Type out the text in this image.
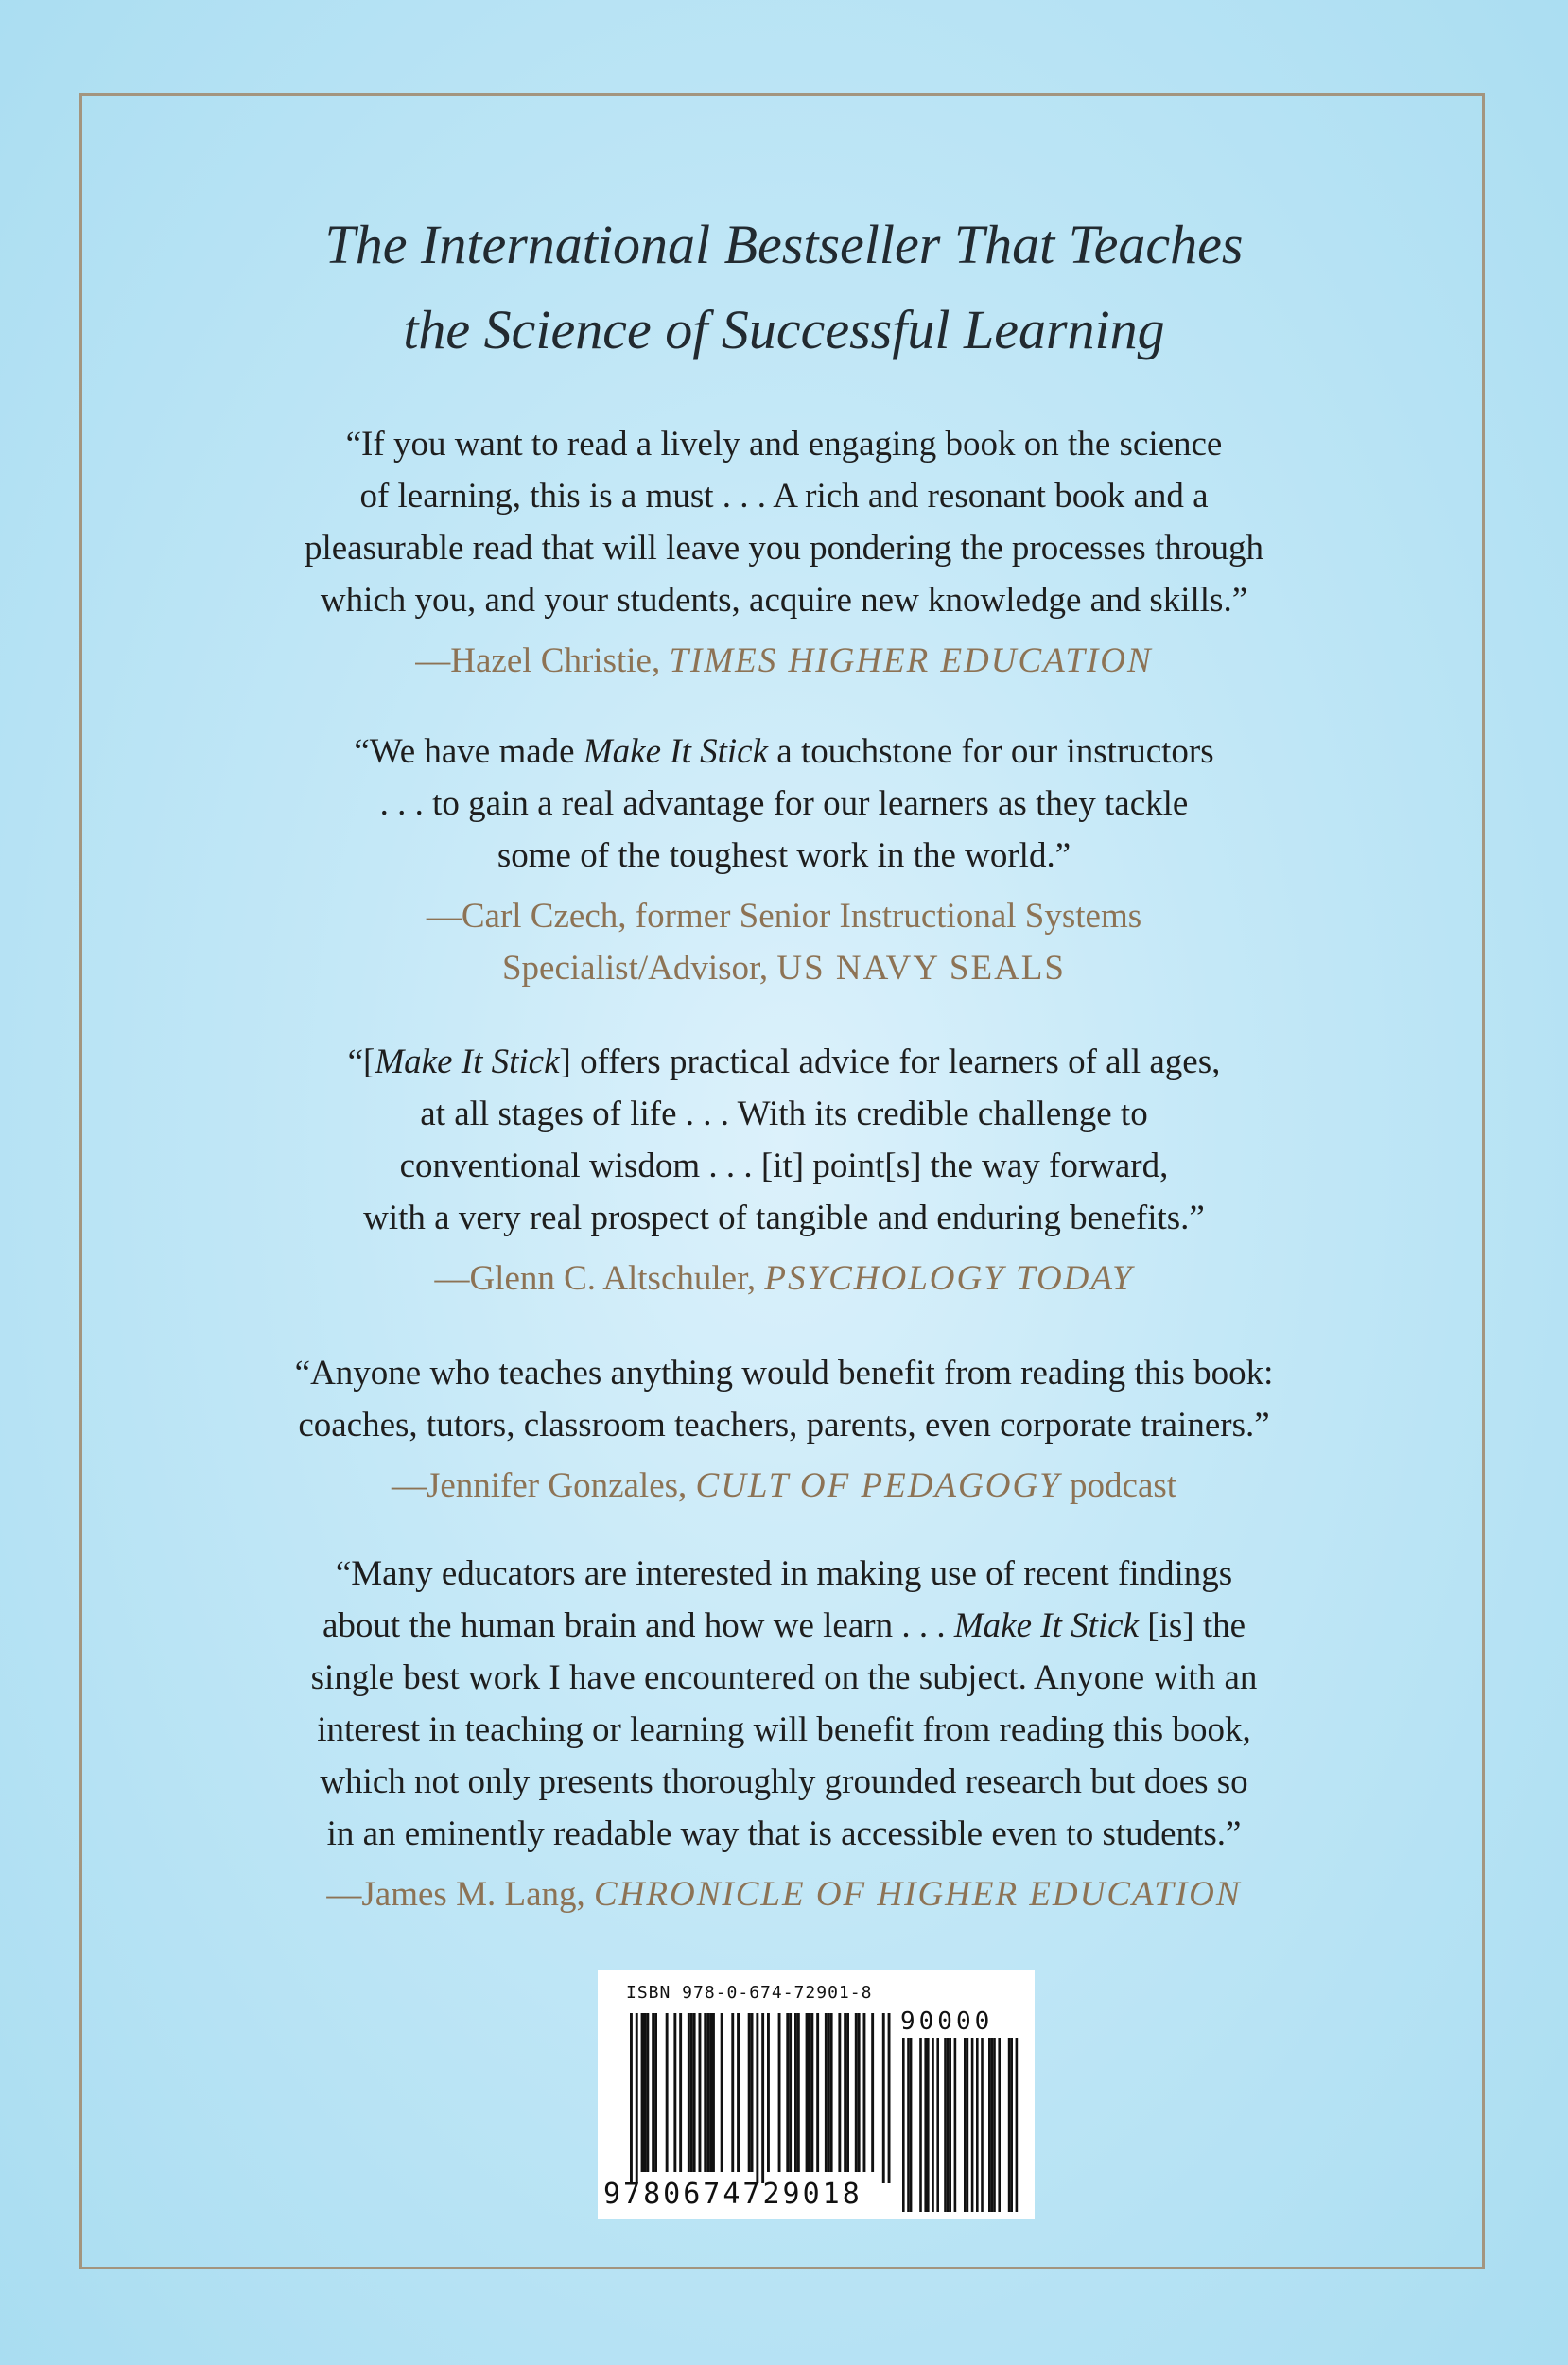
The International Bestseller That Teaches
the Science of Successful Learning
“If you want to read a lively and engaging book on the science
of learning, this is a must . . . A rich and resonant book and a
pleasurable read that will leave you pondering the processes through
which you, and your students, acquire new knowledge and skills.”
—Hazel Christie, TIMES HIGHER EDUCATION
“We have made Make It Stick a touchstone for our instructors
. . . to gain a real advantage for our learners as they tackle
some of the toughest work in the world.”
—Carl Czech, former Senior Instructional Systems
Specialist/Advisor, US NAVY SEALS
“[Make It Stick] offers practical advice for learners of all ages,
at all stages of life . . . With its credible challenge to
conventional wisdom . . . [it] point[s] the way forward,
with a very real prospect of tangible and enduring benefits.”
—Glenn C. Altschuler, PSYCHOLOGY TODAY
“Anyone who teaches anything would benefit from reading this book:
coaches, tutors, classroom teachers, parents, even corporate trainers.”
—Jennifer Gonzales, CULT OF PEDAGOGY podcast
“Many educators are interested in making use of recent findings
about the human brain and how we learn . . . Make It Stick [is] the
single best work I have encountered on the subject. Anyone with an
interest in teaching or learning will benefit from reading this book,
which not only presents thoroughly grounded research but does so
in an eminently readable way that is accessible even to students.”
—James M. Lang, CHRONICLE OF HIGHER EDUCATION
ISBN 978-0-674-72901-8
90000
9780674729018
